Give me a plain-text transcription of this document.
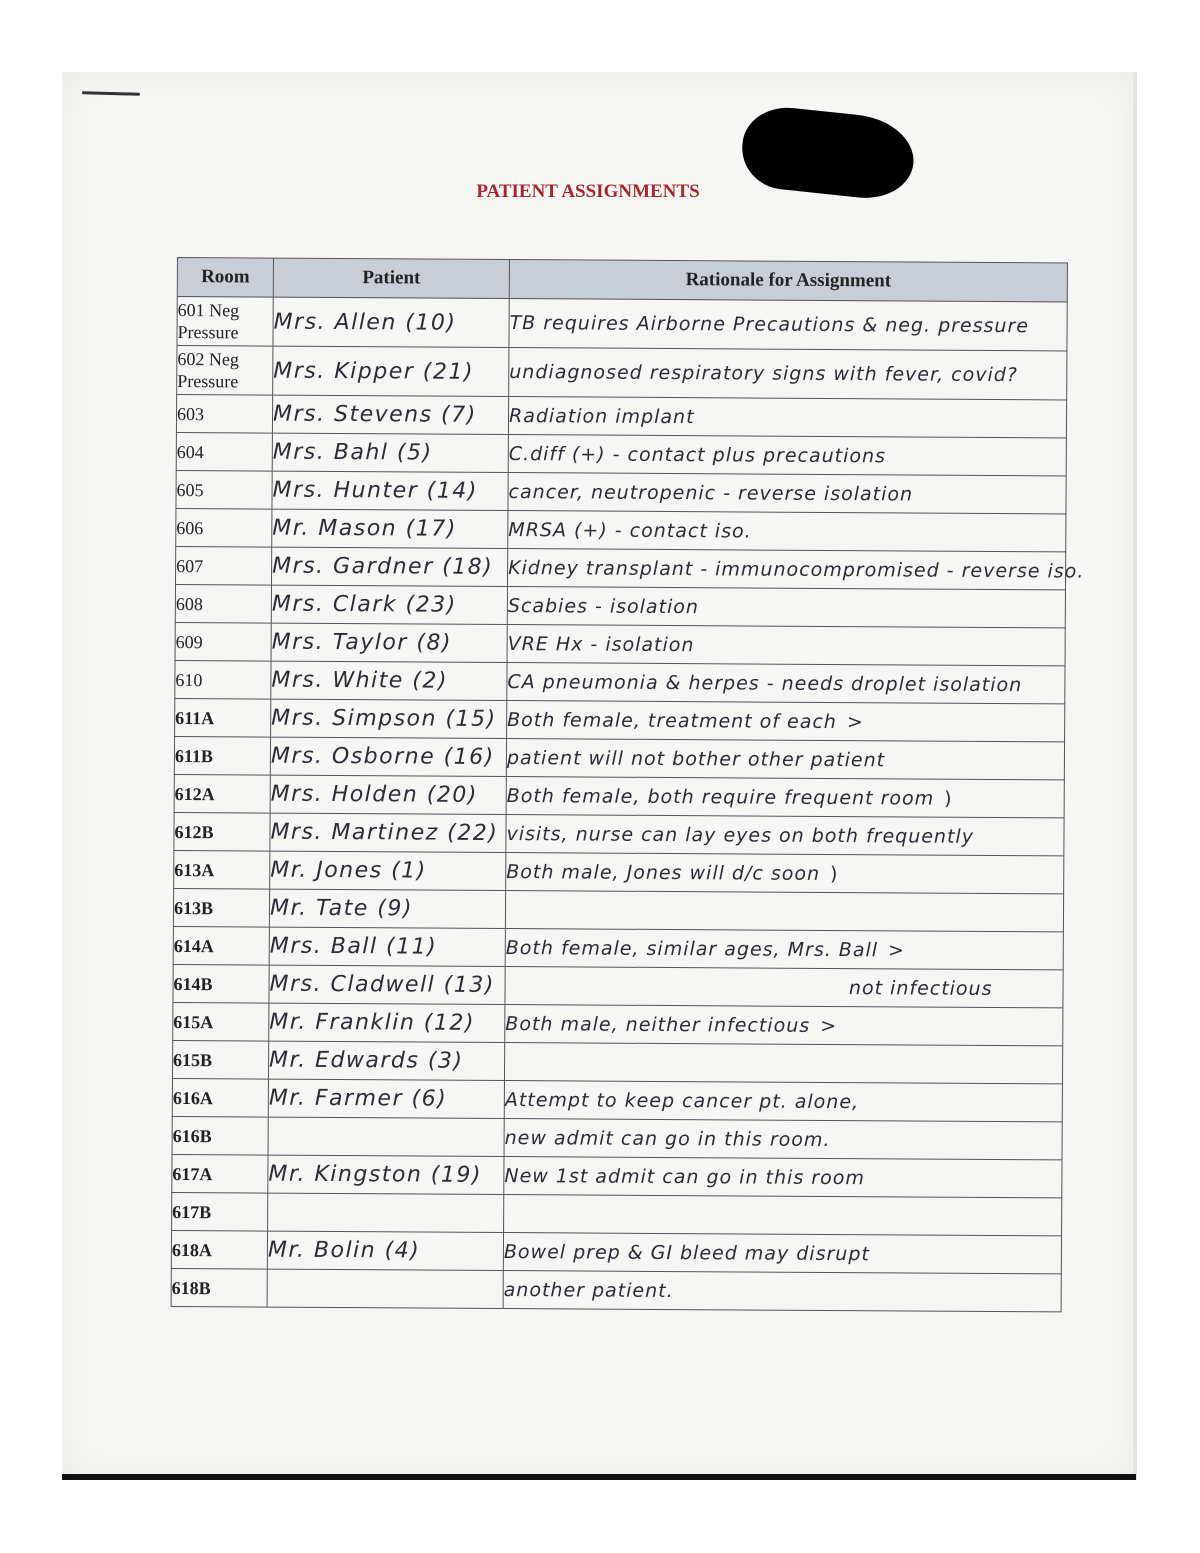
PATIENT ASSIGNMENTS
Room	Patient	Rationale for Assignment
601 Neg Pressure	Mrs. Allen (10)	TB requires Airborne Precautions & neg. pressure
602 Neg Pressure	Mrs. Kipper (21)	undiagnosed respiratory signs with fever, covid?
603	Mrs. Stevens (7)	Radiation implant
604	Mrs. Bahl (5)	C.diff (+) - contact plus precautions
605	Mrs. Hunter (14)	cancer, neutropenic - reverse isolation
606	Mr. Mason (17)	MRSA (+) - contact iso.
607	Mrs. Gardner (18)	Kidney transplant - immunocompromised - reverse iso.
608	Mrs. Clark (23)	Scabies - isolation
609	Mrs. Taylor (8)	VRE Hx - isolation
610	Mrs. White (2)	CA pneumonia & herpes - needs droplet isolation
611A	Mrs. Simpson (15)	Both female, treatment of each >
611B	Mrs. Osborne (16)	patient will not bother other patient
612A	Mrs. Holden (20)	Both female, both require frequent room )
612B	Mrs. Martinez (22)	visits, nurse can lay eyes on both frequently
613A	Mr. Jones (1)	Both male, Jones will d/c soon )
613B	Mr. Tate (9)	
614A	Mrs. Ball (11)	Both female, similar ages, Mrs. Ball >
614B	Mrs. Cladwell (13)	not infectious
615A	Mr. Franklin (12)	Both male, neither infectious >
615B	Mr. Edwards (3)	
616A	Mr. Farmer (6)	Attempt to keep cancer pt. alone,
616B		new admit can go in this room.
617A	Mr. Kingston (19)	New 1st admit can go in this room
617B		
618A	Mr. Bolin (4)	Bowel prep & GI bleed may disrupt
618B		another patient.
